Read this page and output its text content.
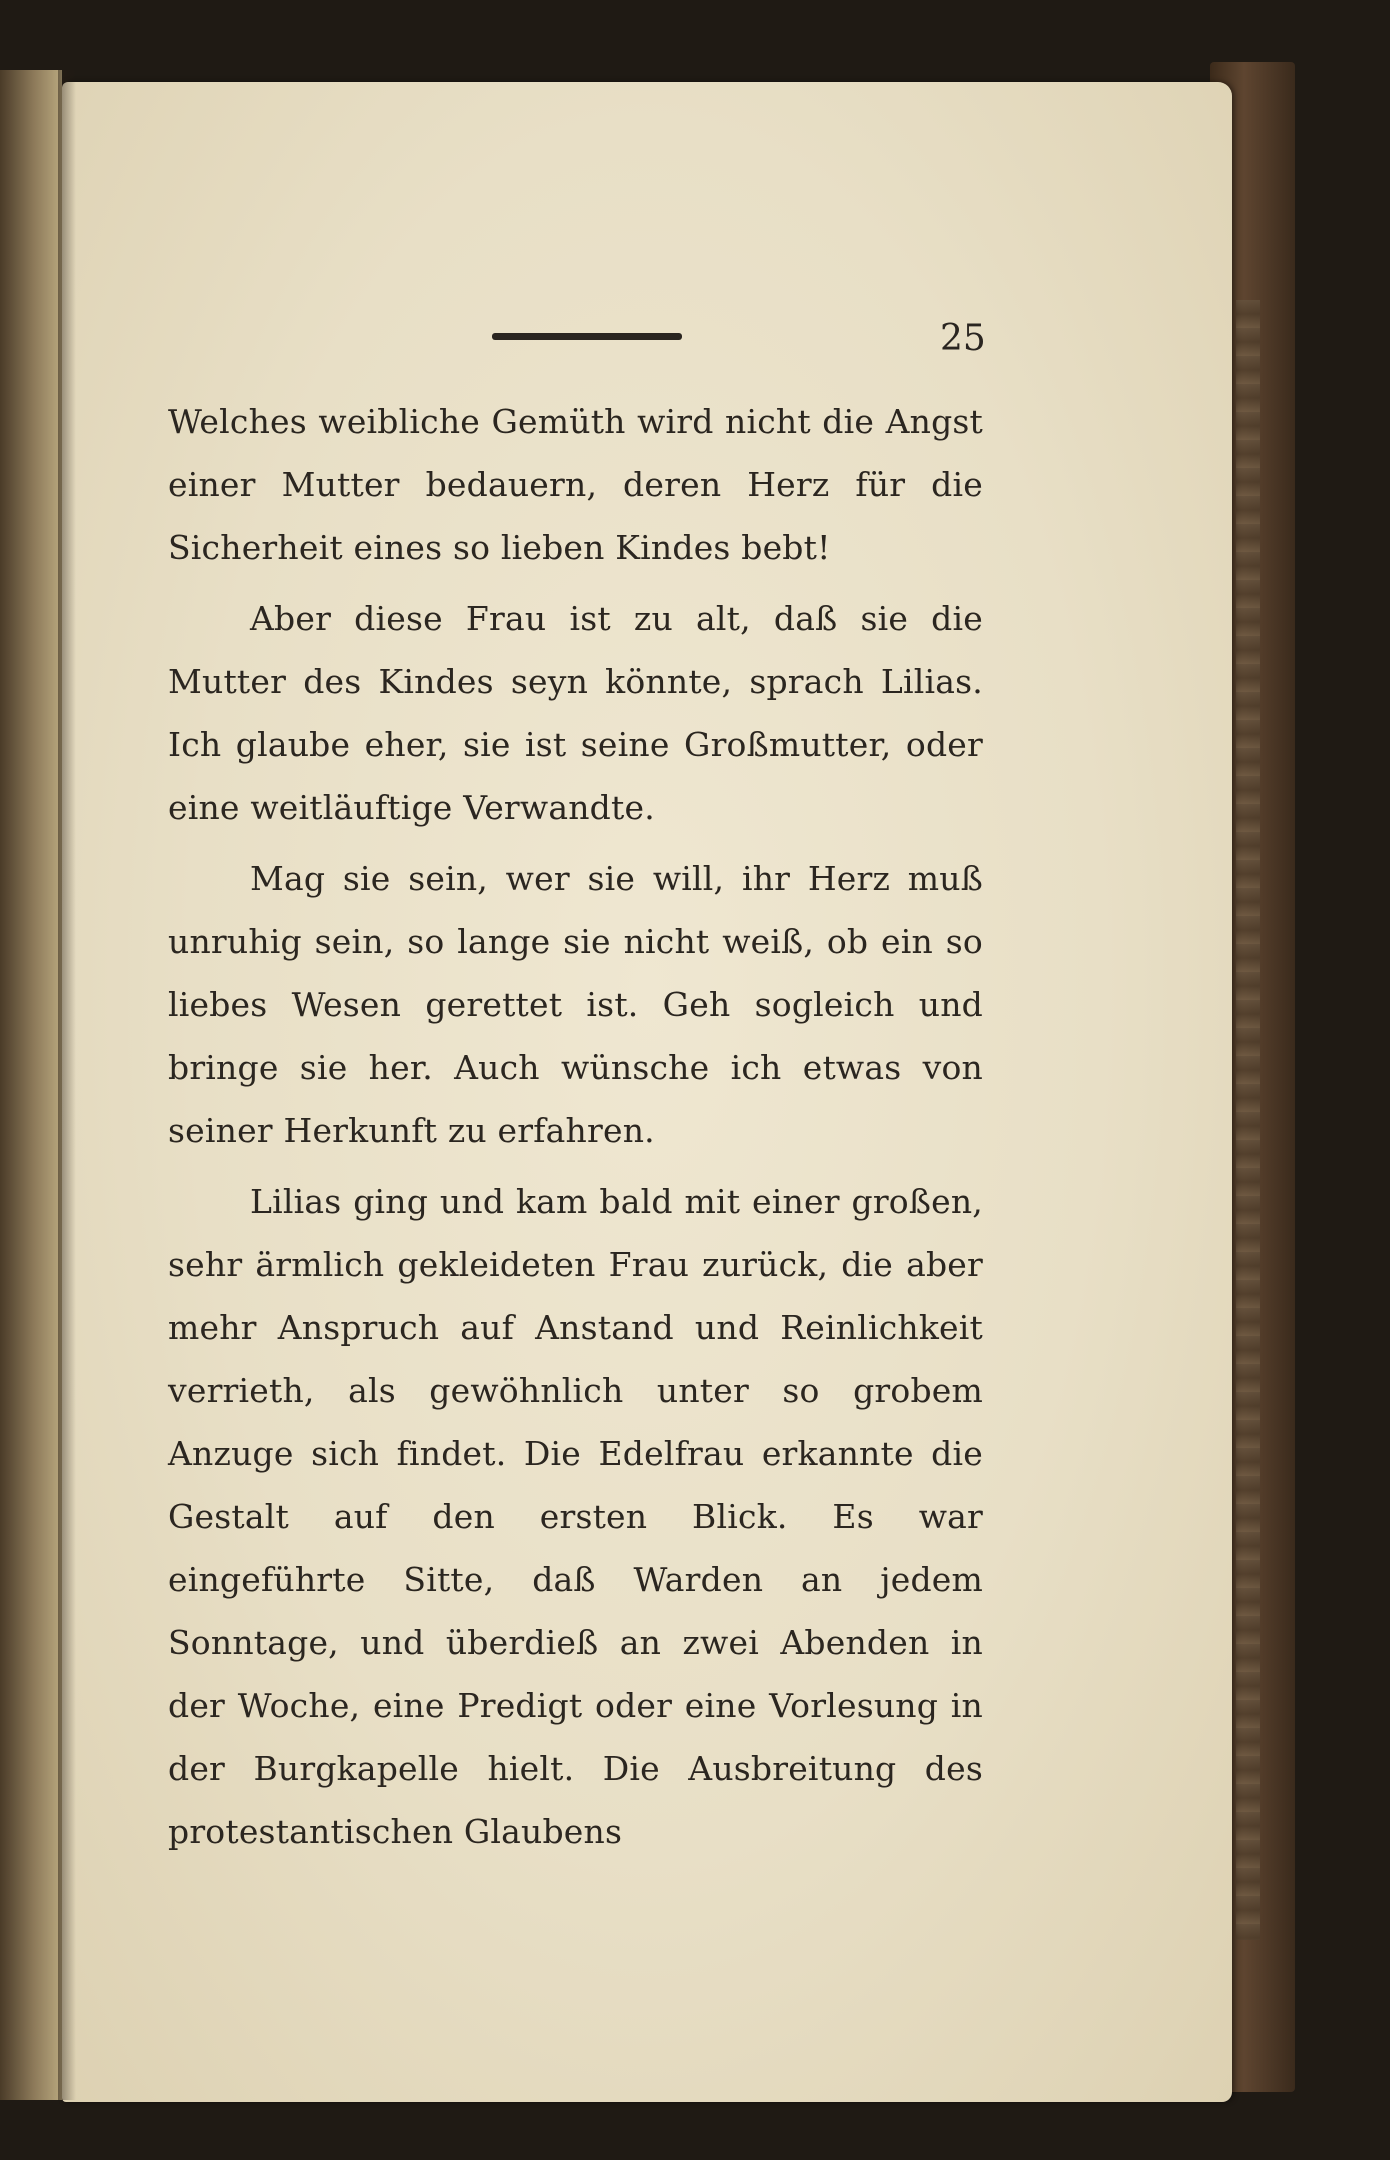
25

Welches weibliche Gemüth wird nicht die Angst einer Mutter bedauern, deren Herz für die Sicherheit eines so lieben Kindes bebt!

Aber diese Frau ist zu alt, daß sie die Mutter des Kindes seyn könnte, sprach Lilias. Ich glaube eher, sie ist seine Großmutter, oder eine weitläuftige Verwandte.

Mag sie sein, wer sie will, ihr Herz muß unruhig sein, so lange sie nicht weiß, ob ein so liebes Wesen gerettet ist. Geh sogleich und bringe sie her. Auch wünsche ich etwas von seiner Herkunft zu erfahren.

Lilias ging und kam bald mit einer großen, sehr ärmlich gekleideten Frau zurück, die aber mehr Anspruch auf Anstand und Reinlichkeit verrieth, als gewöhnlich unter so grobem Anzuge sich findet. Die Edelfrau erkannte die Gestalt auf den ersten Blick. Es war eingeführte Sitte, daß Warden an jedem Sonntage, und überdieß an zwei Abenden in der Woche, eine Predigt oder eine Vorlesung in der Burgkapelle hielt. Die Ausbreitung des protestantischen Glaubens
